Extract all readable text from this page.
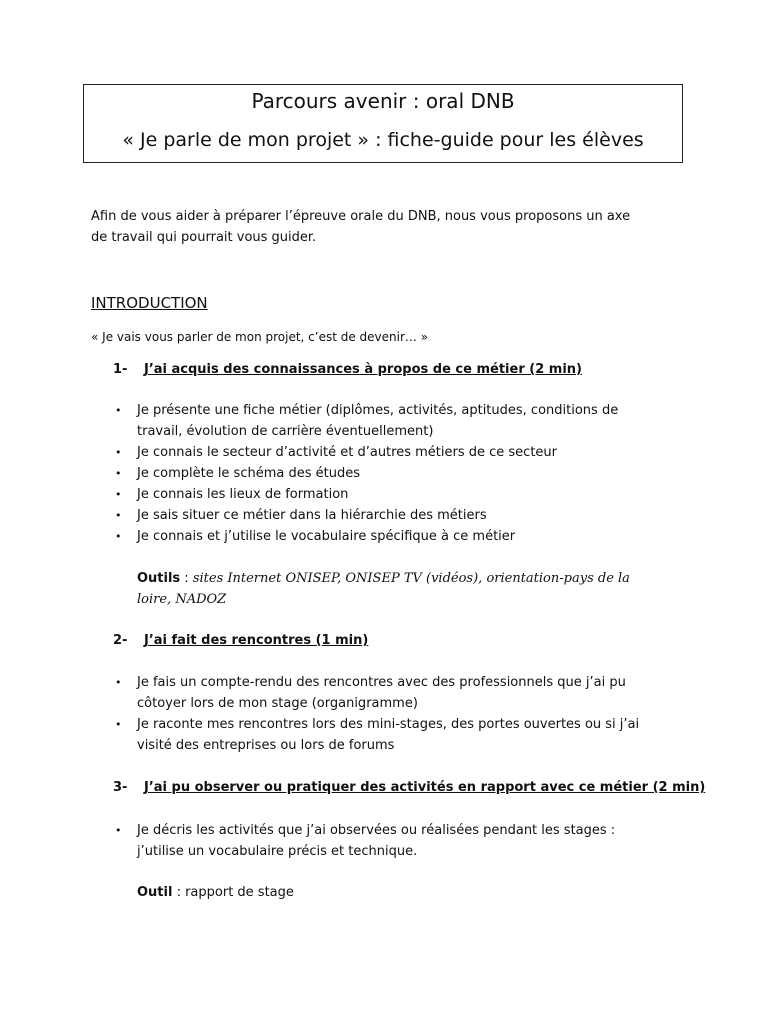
Parcours avenir : oral DNB
« Je parle de mon projet » : fiche-guide pour les élèves
Afin de vous aider à préparer l’épreuve orale du DNB, nous vous proposons un axe
de travail qui pourrait vous guider.
INTRODUCTION
« Je vais vous parler de mon projet, c’est de devenir… »
1- J’ai acquis des connaissances à propos de ce métier (2 min)
• Je présente une fiche métier (diplômes, activités, aptitudes, conditions de
travail, évolution de carrière éventuellement)
• Je connais le secteur d’activité et d’autres métiers de ce secteur
• Je complète le schéma des études
• Je connais les lieux de formation
• Je sais situer ce métier dans la hiérarchie des métiers
• Je connais et j’utilise le vocabulaire spécifique à ce métier
Outils : sites Internet ONISEP, ONISEP TV (vidéos), orientation-pays de la
loire, NADOZ
2- J’ai fait des rencontres (1 min)
• Je fais un compte-rendu des rencontres avec des professionnels que j’ai pu
côtoyer lors de mon stage (organigramme)
• Je raconte mes rencontres lors des mini-stages, des portes ouvertes ou si j’ai
visité des entreprises ou lors de forums
3- J’ai pu observer ou pratiquer des activités en rapport avec ce métier (2 min)
• Je décris les activités que j’ai observées ou réalisées pendant les stages :
j’utilise un vocabulaire précis et technique.
Outil : rapport de stage
